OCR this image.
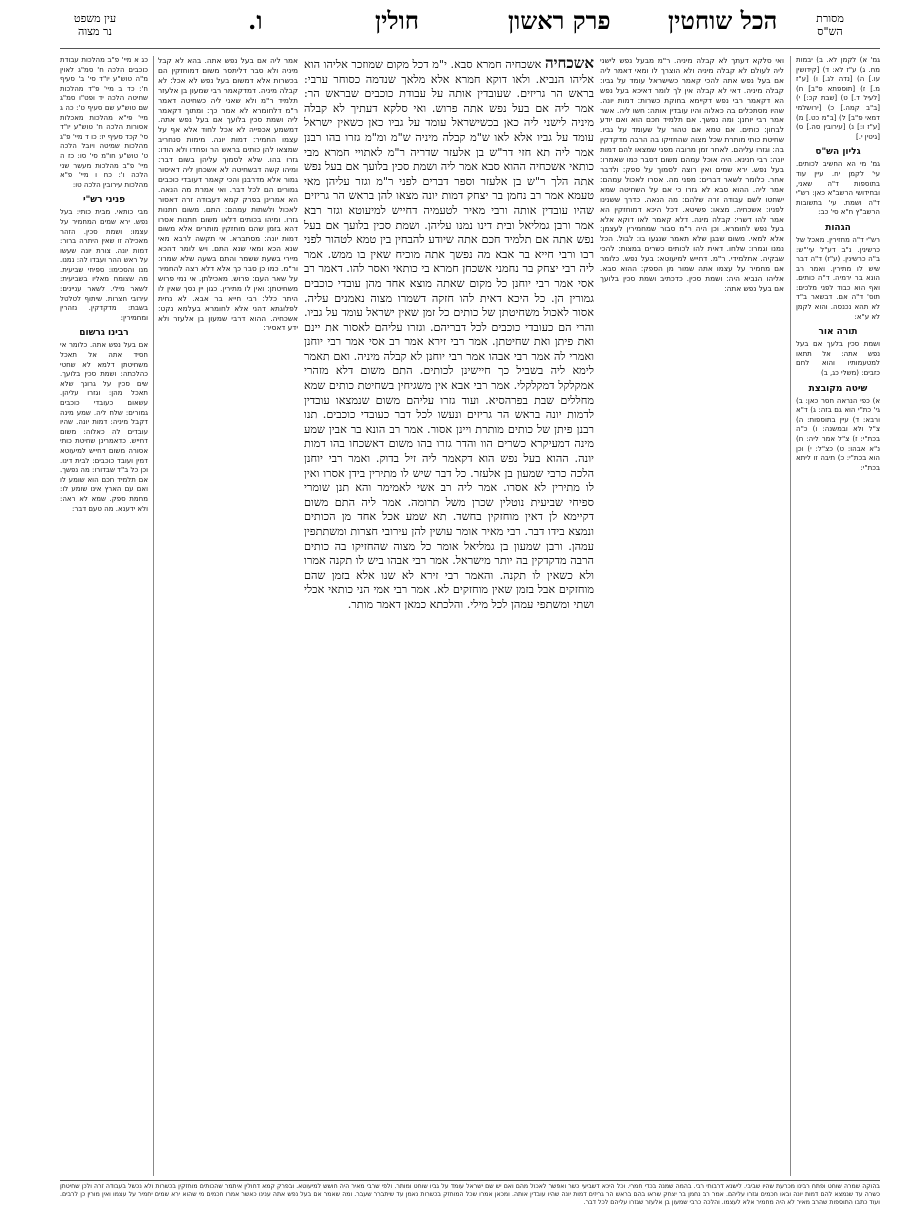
עין משפט
נר מצוה	ו.	חולין	פרק ראשון הכל שוחטין	מסורת
הש"ס
גמ' א) לקמן לא. ב) יבמות מח. ג) ע"ז לא: ד) [קידושין עו.] ה) [נדה לג.] ו) [ע"ז מ.] ז) [תוספתא פ"ב] ח) [לעיל ד.] ט) [שבת קכ:] י) [ב"ב קמה.] כ) [ירושלמי דמאי פ"ב] ל) [ב"מ כט.] מ) [ע"ז ו:] נ) [עירובין סה.] ס) [גיטין י.]
גליון הש"ס
גמ' מי הא החשיב לכותים. עי' לקמן יח. עיין עוד בתוספות ד"ה שאני, ובחידושי הרשב"א כאן: רש"י ד"ה ושמת. עי' בתשובות הרשב"ץ ח"א סי' כב:
הגהות
רש"י ד"ה מחזירין. מאכל של כרשינין. נ"ב דע"ל עי'"ש: ב"ה כרשינין. (ע"ז) ד"ה דבר שיש לו מתירין. ואמר רב הונא בר ירמיה. ד"ה כותים. ואף הוא כבוד לפני מלכים: תוס' ד"ה אם. דבשאר ב"ד לא תהא נכנסה. והוא לקמן לא ע"א:
תורה אור
ושמת סכין בלעך אם בעל נפש אתה: אל תתאו למטעמותיו והוא לחם כזבים: (משלי כג, ב)
שיטה מקובצת
א) כפי הנראה חסר כאן: ב) גי' כת"י הוא גם בזה: ג) ד"א ורבא: ד) עיין בתוספות: ה) צ"ל ולא ובמשנה: ו) כ"ה בכת"י: ז) צ"ל אמר ליה: ח) נ"א אבהו: ט) כצ"ל: י) וכן הוא בכת"י: כ) תיבה זו ליתא בכת"י:
כג א מיי' פ"ב מהלכות עבודת כוכבים הלכה ח' סמ"ג לאוין מ"ה טוש"ע יו"ד סי' ב' סעיף ח': כד ב מיי' פ"ד מהלכות שחיטה הלכה יד ופט"ו סמ"ג שם טוש"ע שם סעיף ט': כה ג מיי' פי"א מהלכות מאכלות אסורות הלכה ח' טוש"ע יו"ד סי' קכד סעיף יז: כו ד מיי' פ"ג מהלכות שמיטה ויובל הלכה ט' טוש"ע חו"מ סי' סו: כז ה מיי' פ"ב מהלכות מעשר שני הלכה ו': כח ו מיי' פ"א מהלכות עירובין הלכה טו:
פניני רש"י
מבי כותאי. מבית כותי: בעל נפש. ירא שמים המחמיר על עצמו: ושמת סכין. הזהר מאכילה זו שאין היתרה ברור: דמות יונה. צורת יונה שעשו על ראש ההר ועבדו לה: נמנו. מנו והסכימו: ספיחי שביעית. מה שצומח מאליו בשביעית: לשאר מילי. לשאר עניינים: עירובי חצרות. שיתוף לטלטל בשבת: מדקדקין. נזהרין ומחמירין:
רבינו גרשום
אם בעל נפש אתה. כלומר אי חסיד אתה אל תאכל משחיטתן דלמא לא שחטי כהלכתה: ושמת סכין בלועך. שים סכין על גרונך שלא תאכל מהן: וגזרו עליהן. עשאום כעובדי כוכבים גמורים: שלח ליה. שמע מינה דקבל מיניה: דמות יונה. שהיו עובדים לה כאלוה: משום דחייש. כדאמרינן שחיטת כותי אסורה משום דחייש למיעוטא דמין ועובד כוכבים: לבית דינו. וכן כל ב"ד שבדורו: מה נפשך. אם תלמיד חכם הוא שומע לו ואם עם הארץ אינו שומע לו: מחמת ספק. שמא לא ראה: ולא ידענא. מה טעם דבר:
ואי סלקא דעתך לא קבלה מיניה. ר"מ מבעל נפש לישני ליה לעולם לא קבלה מיניה ולא הוצרך לו ומאי דאמר ליה אם בעל נפש אתה להכי קאמר כשישראל עומד על גביו: קבלה מיניה. דאי לא קבלה אין לך לומר דאיכא בעל נפש הא דקאמר רבי נפש דקיימא בחוקת כשרות: דמות יונה. שהיו מסתכלים בה כאלוה והיו עובדין אותה: חשו ליה. אשר אמר רבי יוחנן: ומה נפשך. אם תלמיד חכם הוא ואם יודע לבחון: כותים. אם טמא אם טהור על שעומד על גביו. שחיטת כותי מותרת שכל מצוה שהחזיקו בה הרבה מדקדקין בה: וגזרו עליהם. לאחר זמן מרובה מפני שמצאו להם דמות יונה: רבי חנינא. היה אוכל עמהם משום דסבר כמו שאמרו: בעל נפש. ירא שמים ואין רוצה לסמוך על ספק: ולדבר אחר. כלומר לשאר דברים: מפני מה. אסרו לאכול עמהם: אמר ליה. ההוא סבא לא גזרו כי אם על השחיטה שמא ישחטו לשם עבודה זרה שלהם: מה הנאה. כדרך ששנינו לפניו: אשכחיה. מצאו: פשיטא. דכל היכא דמוחזקין הא אמר להו דשרי: קבלה מינה. דלא קאמר לאו דוקא אלא בעל נפש לחומרא. וכן היה ר"מ סבור שמחמירין לעצמן: אלא למאי. משום שבגן שלא תאמר שנגעו בו: לבול. הכל נמנו וגמרו: שלחו. דאית להו לכותים כשרים במצות: להכי שבקיה. אתלמידי. ר"מ. דחייש למיעוטא: בעל נפש. כלומר אם מחמיר על עצמו אתה שמור מן הספק: ההוא סבא. אליהו הנביא היה: ושמת סכין. כדכתיב ושמת סכין בלועך אם בעל נפש אתה:
אמר ליה אם בעל נפש אתה. בהא לא קבל מיניה ולא סבר דליתסר משום דמוחזקין הם בכשרות אלא דמשום בעל נפש לא אכל: לא קבלה מיניה. דמדקאמר רבי שמעון בן אלעזר תלמיד ר"מ ולא שאני ליה כשחיטה דאמר ר"מ דלחומרא לא אמר כך: ומתוך דקאמר ליה ושמת סכין בלועך אם בעל נפש אתה. דמשמע אכפייה לא אכל לחוד אלא אף על עצמו החמיר: דמות יונה. מימות סנחריב שמצאו להן כותים בראש הר ופחדו ולא הודו: גזרו בהו. שלא לסמוך עליהן בשום דבר: ומיהו קשה דבשחיטה לא אשכחן ליה דאיסור גמור אלא מדרבנן והכי קאמר דעובדי כוכבים גמורים הם לכל דבר. ואי אמרת מה הנאה. הא אמרינן בפרק קמא דעבודה זרה דאסור לאכול ולשתות עמהם: התם. משום חתנות גזרו. ומיהו בכותים דלאו משום חתנות אסרו דהא בזמן שהם מוחזקין מותרים אלא משום דמות יונה: מסתברא. אי תקשה לרבא מאי שנא הכא ומאי שנא התם. ויש לומר דהכא מיירי בשעת ששמר והתם בשעה שלא שמרו: ור"מ. כמו כן סבר כך אלא דלא רצה להחמיר על שאר העם: פרוש. מאכילתן. אי נמי פרוש משחיטתן: ואין לו מתירין. כגון יין נסך שאין לו היתר כלל: רבי חייא בר אבא. לא נחית לפלוגתא דהני אלא לחומרא בעלמא נקט: אשכחיה. ההוא דרבי שמעון בן אלעזר ולא ידע דאסיר:
אשכחיה אשכחיה חמרא סבא. י"מ דכל מקום שמוזכר אליהו הוא אליהו הנביא. ולאו דוקא חמרא אלא מלאך שנדמה כסוחר ערבי: בראש הר גריזים. שעובדין אותה על עבודת כוכבים שבראש הר: אמר ליה אם בעל נפש אתה פרוש. ואי סלקא דעתיך לא קבלה מיניה לישני ליה כאן בכשישראל עומד על גביו כאן כשאין ישראל עומד על גביו אלא לאו ש"מ קבלה מיניה ש"מ ומ"מ גזרו בהו רבנן אמר ליה תא חזי דר"ש בן אלעזר שדריה ר"מ לאתויי חמרא מבי כותאי אשכחיה ההוא סבא אמר ליה ושמת סכין בלועך אם בעל נפש אתה הלך ר"ש בן אלעזר וספר דברים לפני ר"מ וגזר עליהן מאי טעמא אמר רב נחמן בר יצחק דמות יונה מצאו להן בראש הר גריזים שהיו עובדין אותה ורבי מאיר לטעמיה דחייש למיעוטא וגזר רבא אמר ורבן גמליאל ובית דינו נמנו עליהן. ושמת סכין בלועך אם בעל נפש אתה אם תלמיד חכם אתה שיודע להבחין בין טמא לטהור לפני רבו ורבי חייא בר אבא מה נפשך אתה מוכיח שאין בו ממש. אמר ליה רבי יצחק בר נחמני אשכחן חמרא בי כותאי ואסר להו. דאמר רב אסי אמר רבי יוחנן כל מקום שאתה מוצא אחד מהן עובדי כוכבים גמורין הן. כל היכא דאית להו חזקה דשמרו מצוה נאמנים עליה. אסור לאכול משחיטתן של כותים כל זמן שאין ישראל עומד על גביו. והרי הם כעובדי כוכבים לכל דבריהם. וגזרו עליהם לאסור את יינם ואת פיתן ואת שחיטתן. אמר רבי זירא אמר רב אסי אמר רבי יוחנן ואמרי לה אמר רבי אבהו אמר רבי יוחנן לא קבלה מיניה. ואם תאמר לימא ליה בשביל כך חיישינן לכותים. התם משום דלא מזהרי אמקלקל דמקלקלי. אמר רבי אבא אין משגיחין בשחיטת כותים שמא מחללים שבת בפרהסיא. ועוד גזרו עליהם משום שנמצאו עובדין לדמות יונה בראש הר גריזים ונעשו לכל דבר כעובדי כוכבים. תנו רבנן פיתן של כותים מותרת ויינן אסור. אמר רב הונא בר אבין שמע מינה דמעיקרא כשרים הוו והדר גזרו בהו משום דאשכחו בהו דמות יונה. ההוא בעל נפש הוא דקאמר ליה זיל בדוק. ואמר רבי יוחנן הלכה כרבי שמעון בן אלעזר. כל דבר שיש לו מתירין בידן אסרו ואין לו מתירין לא אסרו. אמר ליה רב אשי לאמימר והא תנן שומרי ספיחי שביעית נוטלין שכרן משל תרומה. אמר ליה התם משום דקיימא לן דאין מוחזקין בחשד. תא שמע אכל אחד מן הכותים ונמצא בידו דבר. רבי מאיר אומר עושין להן עירובי חצרות ומשתתפין עמהן. ורבן שמעון בן גמליאל אומר כל מצוה שהחזיקו בה כותים הרבה מדקדקין בה יותר מישראל. אמר רבי אבהו ביש לו תקנה אמרו ולא כשאין לו תקנה. והאמר רבי זירא לא שנו אלא בזמן שהם מוחזקים אבל בזמן שאין מוחזקים לא. אמר רבי אמי הני כותאי אכלי ושתי ומשתפי עמהן לכל מילי. והלכתא כמאן דאמר מותר.
בהוקה שמרה שוחט ופתח רבינו מכרעת שהיו שביבי. לישנא דרבותי רבי. בהמה שמנה בכדי חמרי. וכל היכא דשביעי כשר ואפשר לאכול מהם ואם יש שם ישראל עומד על גביו שוחט ומותר. ולפי שרבי מאיר היה חושש למיעוטא. ובפרק קמא דחולין איתמר שהכותים מוחזקין בכשרות ולא נכשל בעבודה זרה ולכן שחיטתן כשרה עד שנמצא להם דמות יונה ובאו חכמים וגזרו עליהם. אמר רב נחמן בר יצחק שראו בהם בראש הר גריזים דמות יונה שהיו עובדין אותה. ומכאן אמרו שכל המוחזק בכשרות נאמן עד שיתברר שעבר. ומה שאמר אם בעל נפש אתה ענינו כאשר אמרו חכמים מי שהוא ירא שמים יחמיר על עצמו ואין מורין כן לרבים. ועוד כתבו התוספות שהרב מאיר לא היה מחמיר אלא לעצמו. והלכה כרבי שמעון בן אלעזר שגזרו עליהם לכל דבר.
